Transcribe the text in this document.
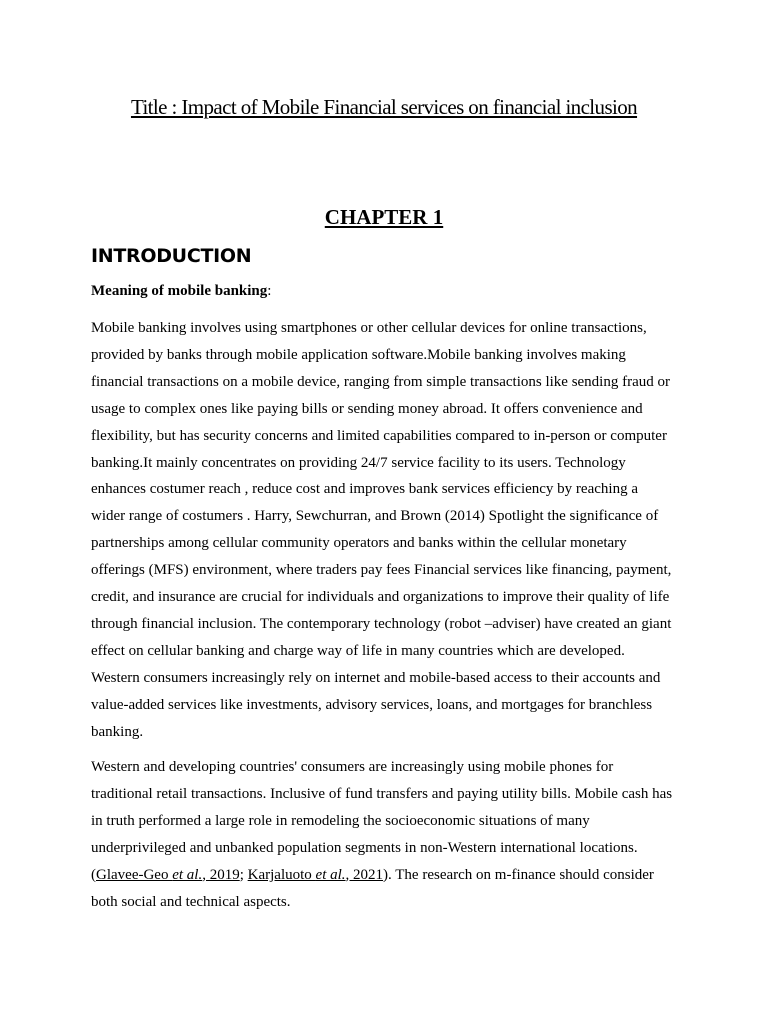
Title : Impact of Mobile Financial services on financial inclusion
CHAPTER 1
INTRODUCTION

Meaning of mobile banking:

Mobile banking involves using smartphones or other cellular devices for online transactions,
provided by banks through mobile application software.Mobile banking involves making
financial transactions on a mobile device, ranging from simple transactions like sending fraud or
usage to complex ones like paying bills or sending money abroad. It offers convenience and
flexibility, but has security concerns and limited capabilities compared to in-person or computer
banking.It mainly concentrates on providing 24/7 service facility to its users. Technology
enhances costumer reach , reduce cost and improves bank services efficiency by reaching a
wider range of costumers . Harry, Sewchurran, and Brown (2014) Spotlight the significance of
partnerships among cellular community operators and banks within the cellular monetary
offerings (MFS) environment, where traders pay fees Financial services like financing, payment,
credit, and insurance are crucial for individuals and organizations to improve their quality of life
through financial inclusion. The contemporary technology (robot –adviser) have created an giant
effect on cellular banking and charge way of life in many countries which are developed.
Western consumers increasingly rely on internet and mobile-based access to their accounts and
value-added services like investments, advisory services, loans, and mortgages for branchless
banking.

Western and developing countries' consumers are increasingly using mobile phones for
traditional retail transactions. Inclusive of fund transfers and paying utility bills. Mobile cash has
in truth performed a large role in remodeling the socioeconomic situations of many
underprivileged and unbanked population segments in non-Western international locations.
(Glavee-Geo et al., 2019; Karjaluoto et al., 2021). The research on m-finance should consider
both social and technical aspects.
